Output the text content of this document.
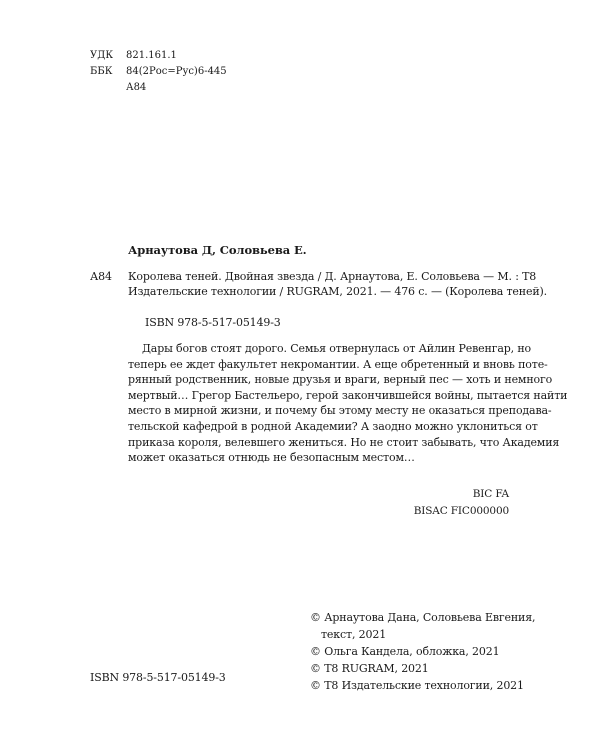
УДК	821.161.1
ББК	84(2Рос=Рус)6-445
А84
Арнаутова Д, Соловьева Е.
А84 Королева теней. Двойная звезда / Д. Арнаутова, Е. Соловьева — М. : Т8
Издательские технологии / RUGRAM, 2021. — 476 с. — (Королева теней).
ISBN 978-5-517-05149-3
Дары богов стоят дорого. Семья отвернулась от Айлин Ревенгар, но
теперь ее ждет факультет некромантии. А еще обретенный и вновь поте-
рянный родственник, новые друзья и враги, верный пес — хоть и немного
мертвый… Грегор Бастельеро, герой закончившейся войны, пытается найти
место в мирной жизни, и почему бы этому месту не оказаться преподава-
тельской кафедрой в родной Академии? А заодно можно уклониться от
приказа короля, велевшего жениться. Но не стоит забывать, что Академия
может оказаться отнюдь не безопасным местом…
BIC FA
BISAC FIC000000
© Арнаутова Дана, Соловьева Евгения,
текст, 2021
© Ольга Кандела, обложка, 2021
© Т8 RUGRAM, 2021
© Т8 Издательские технологии, 2021
ISBN 978-5-517-05149-3
